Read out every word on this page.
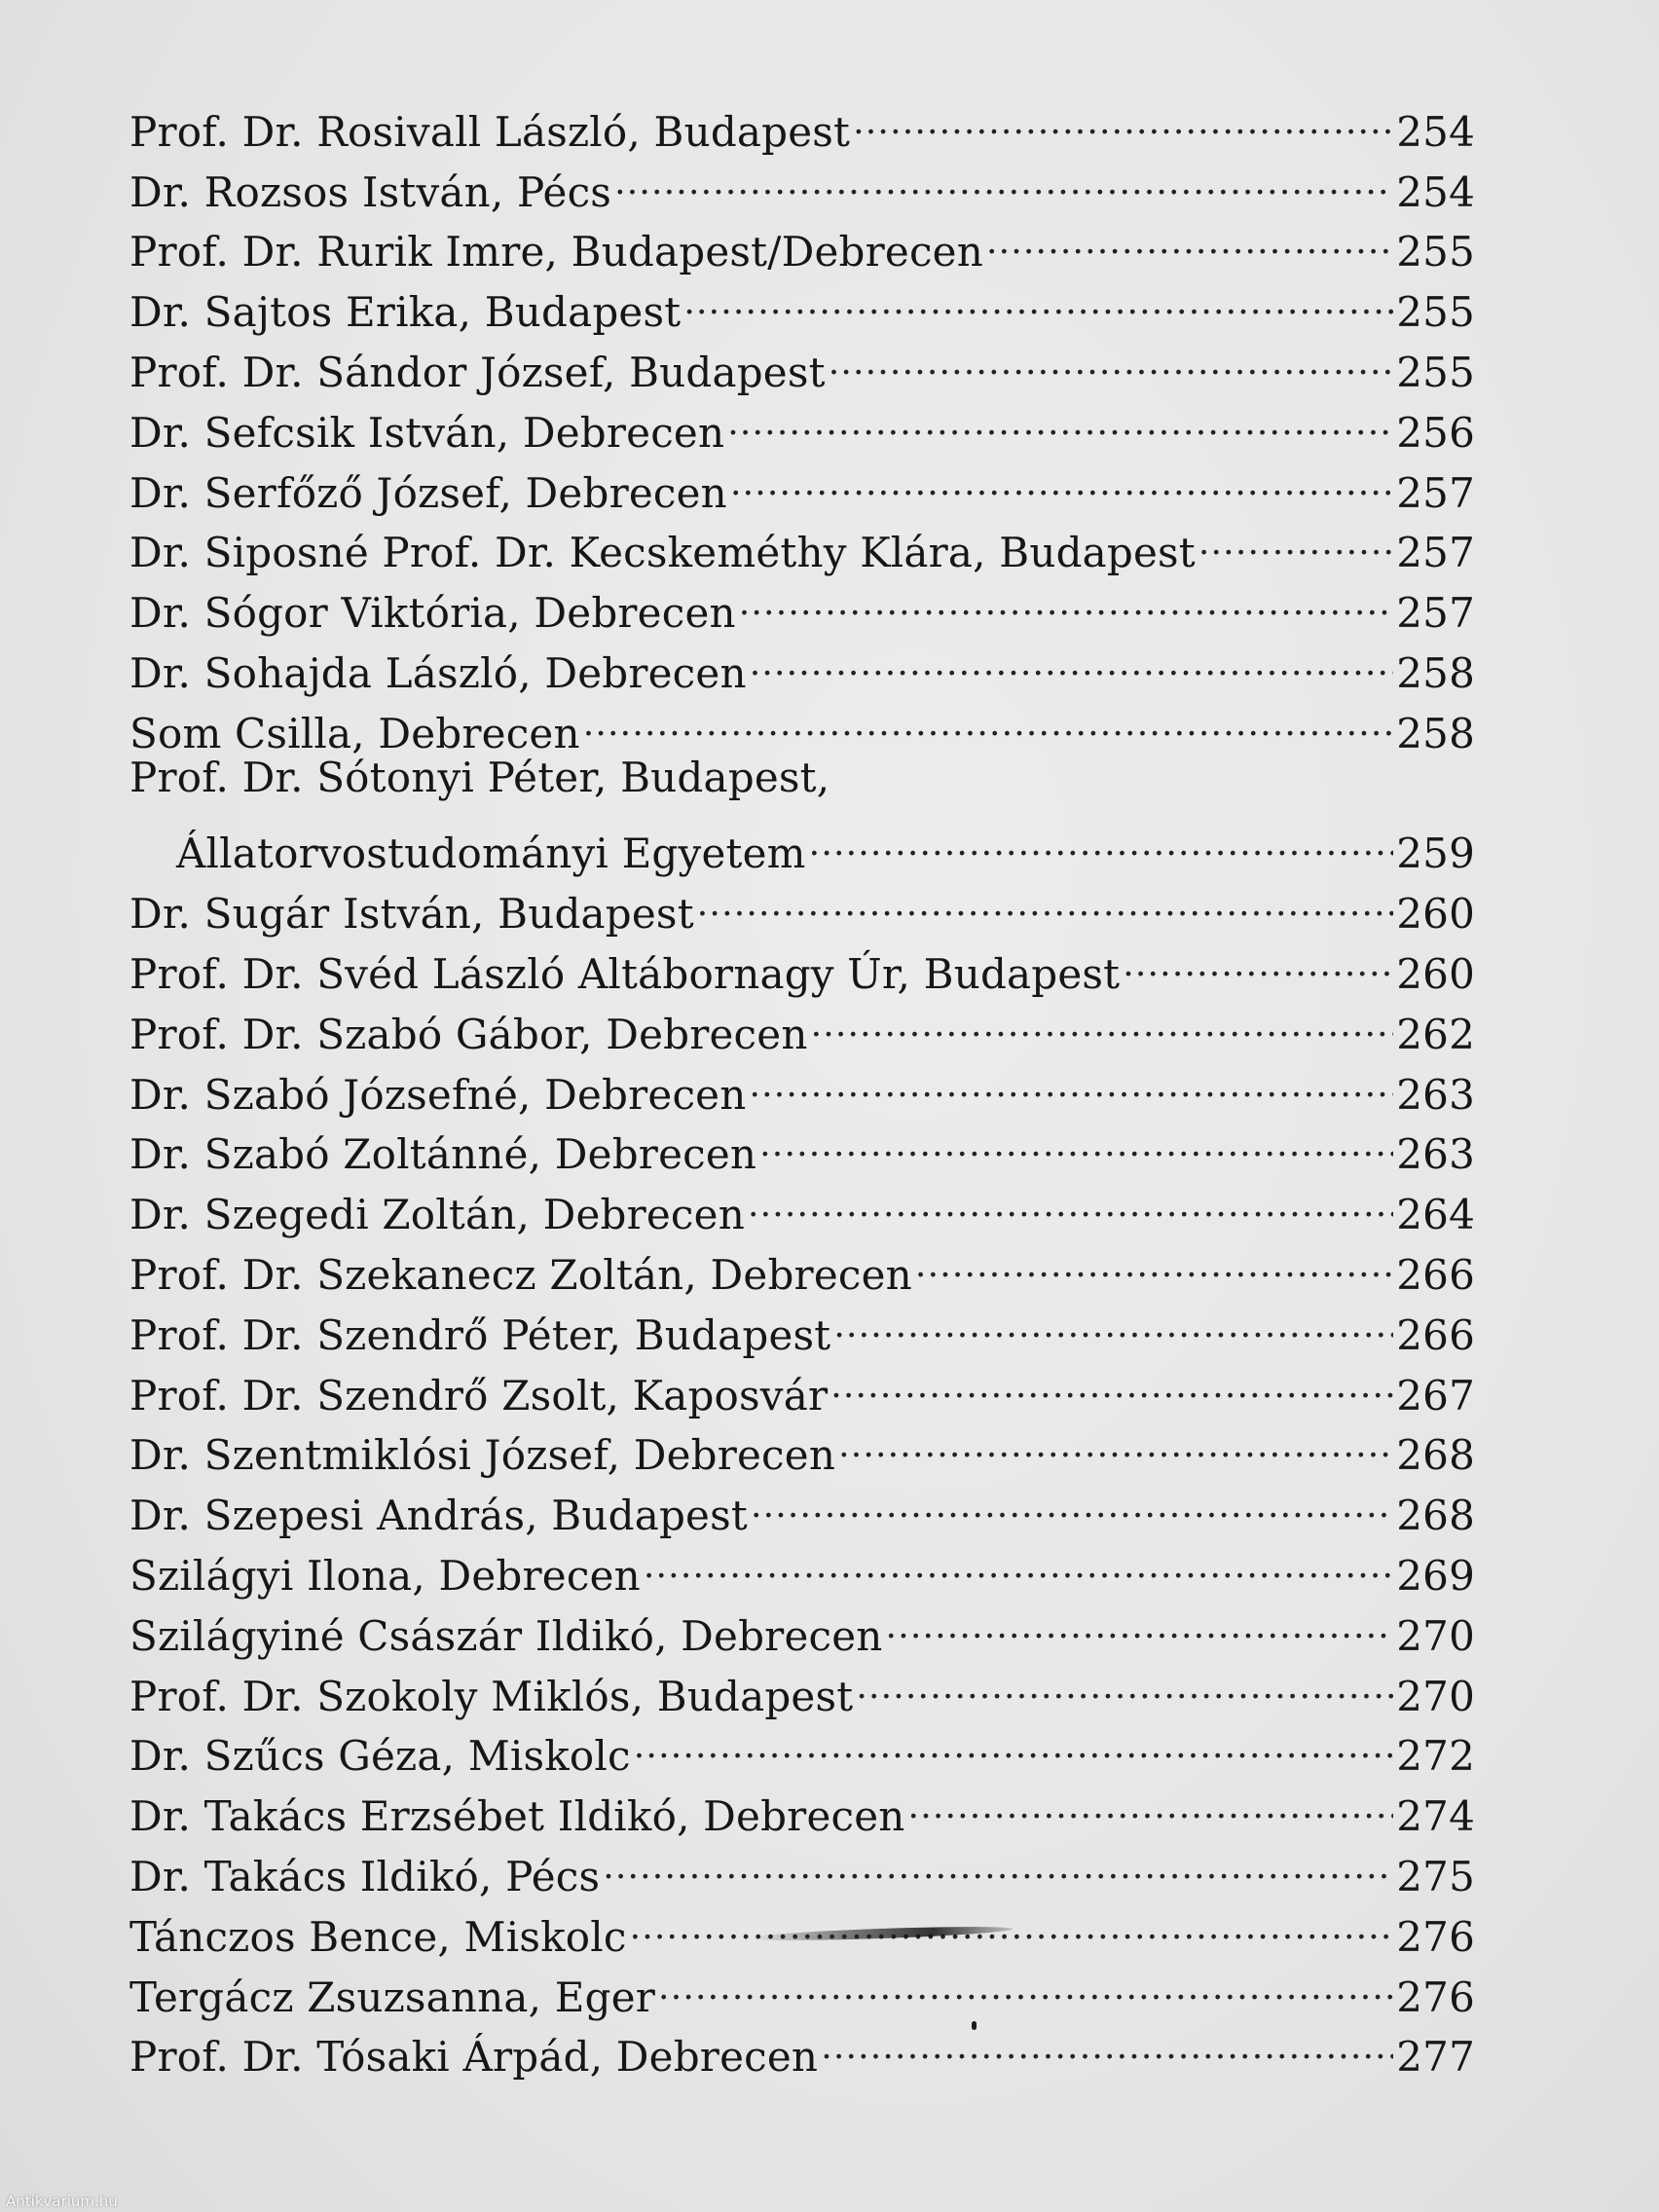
Prof. Dr. Rosivall László, Budapest .....	254
Dr. Rozsos István, Pécs .....	254
Prof. Dr. Rurik Imre, Budapest/Debrecen .....	255
Dr. Sajtos Erika, Budapest .....	255
Prof. Dr. Sándor József, Budapest .....	255
Dr. Sefcsik István, Debrecen .....	256
Dr. Serfőző József, Debrecen .....	257
Dr. Siposné Prof. Dr. Kecskeméthy Klára, Budapest .....	257
Dr. Sógor Viktória, Debrecen .....	257
Dr. Sohajda László, Debrecen .....	258
Som Csilla, Debrecen .....	258
Prof. Dr. Sótonyi Péter, Budapest,
Állatorvostudományi Egyetem .....	259
Dr. Sugár István, Budapest .....	260
Prof. Dr. Svéd László Altábornagy Úr, Budapest .....	260
Prof. Dr. Szabó Gábor, Debrecen .....	262
Dr. Szabó Józsefné, Debrecen .....	263
Dr. Szabó Zoltánné, Debrecen .....	263
Dr. Szegedi Zoltán, Debrecen .....	264
Prof. Dr. Szekanecz Zoltán, Debrecen .....	266
Prof. Dr. Szendrő Péter, Budapest .....	266
Prof. Dr. Szendrő Zsolt, Kaposvár .....	267
Dr. Szentmiklósi József, Debrecen .....	268
Dr. Szepesi András, Budapest .....	268
Szilágyi Ilona, Debrecen .....	269
Szilágyiné Császár Ildikó, Debrecen .....	270
Prof. Dr. Szokoly Miklós, Budapest .....	270
Dr. Szűcs Géza, Miskolc .....	272
Dr. Takács Erzsébet Ildikó, Debrecen .....	274
Dr. Takács Ildikó, Pécs .....	275
Tánczos Bence, Miskolc .....	276
Tergácz Zsuzsanna, Eger .....	276
Prof. Dr. Tósaki Árpád, Debrecen .....	277
Antikvarium.hu
